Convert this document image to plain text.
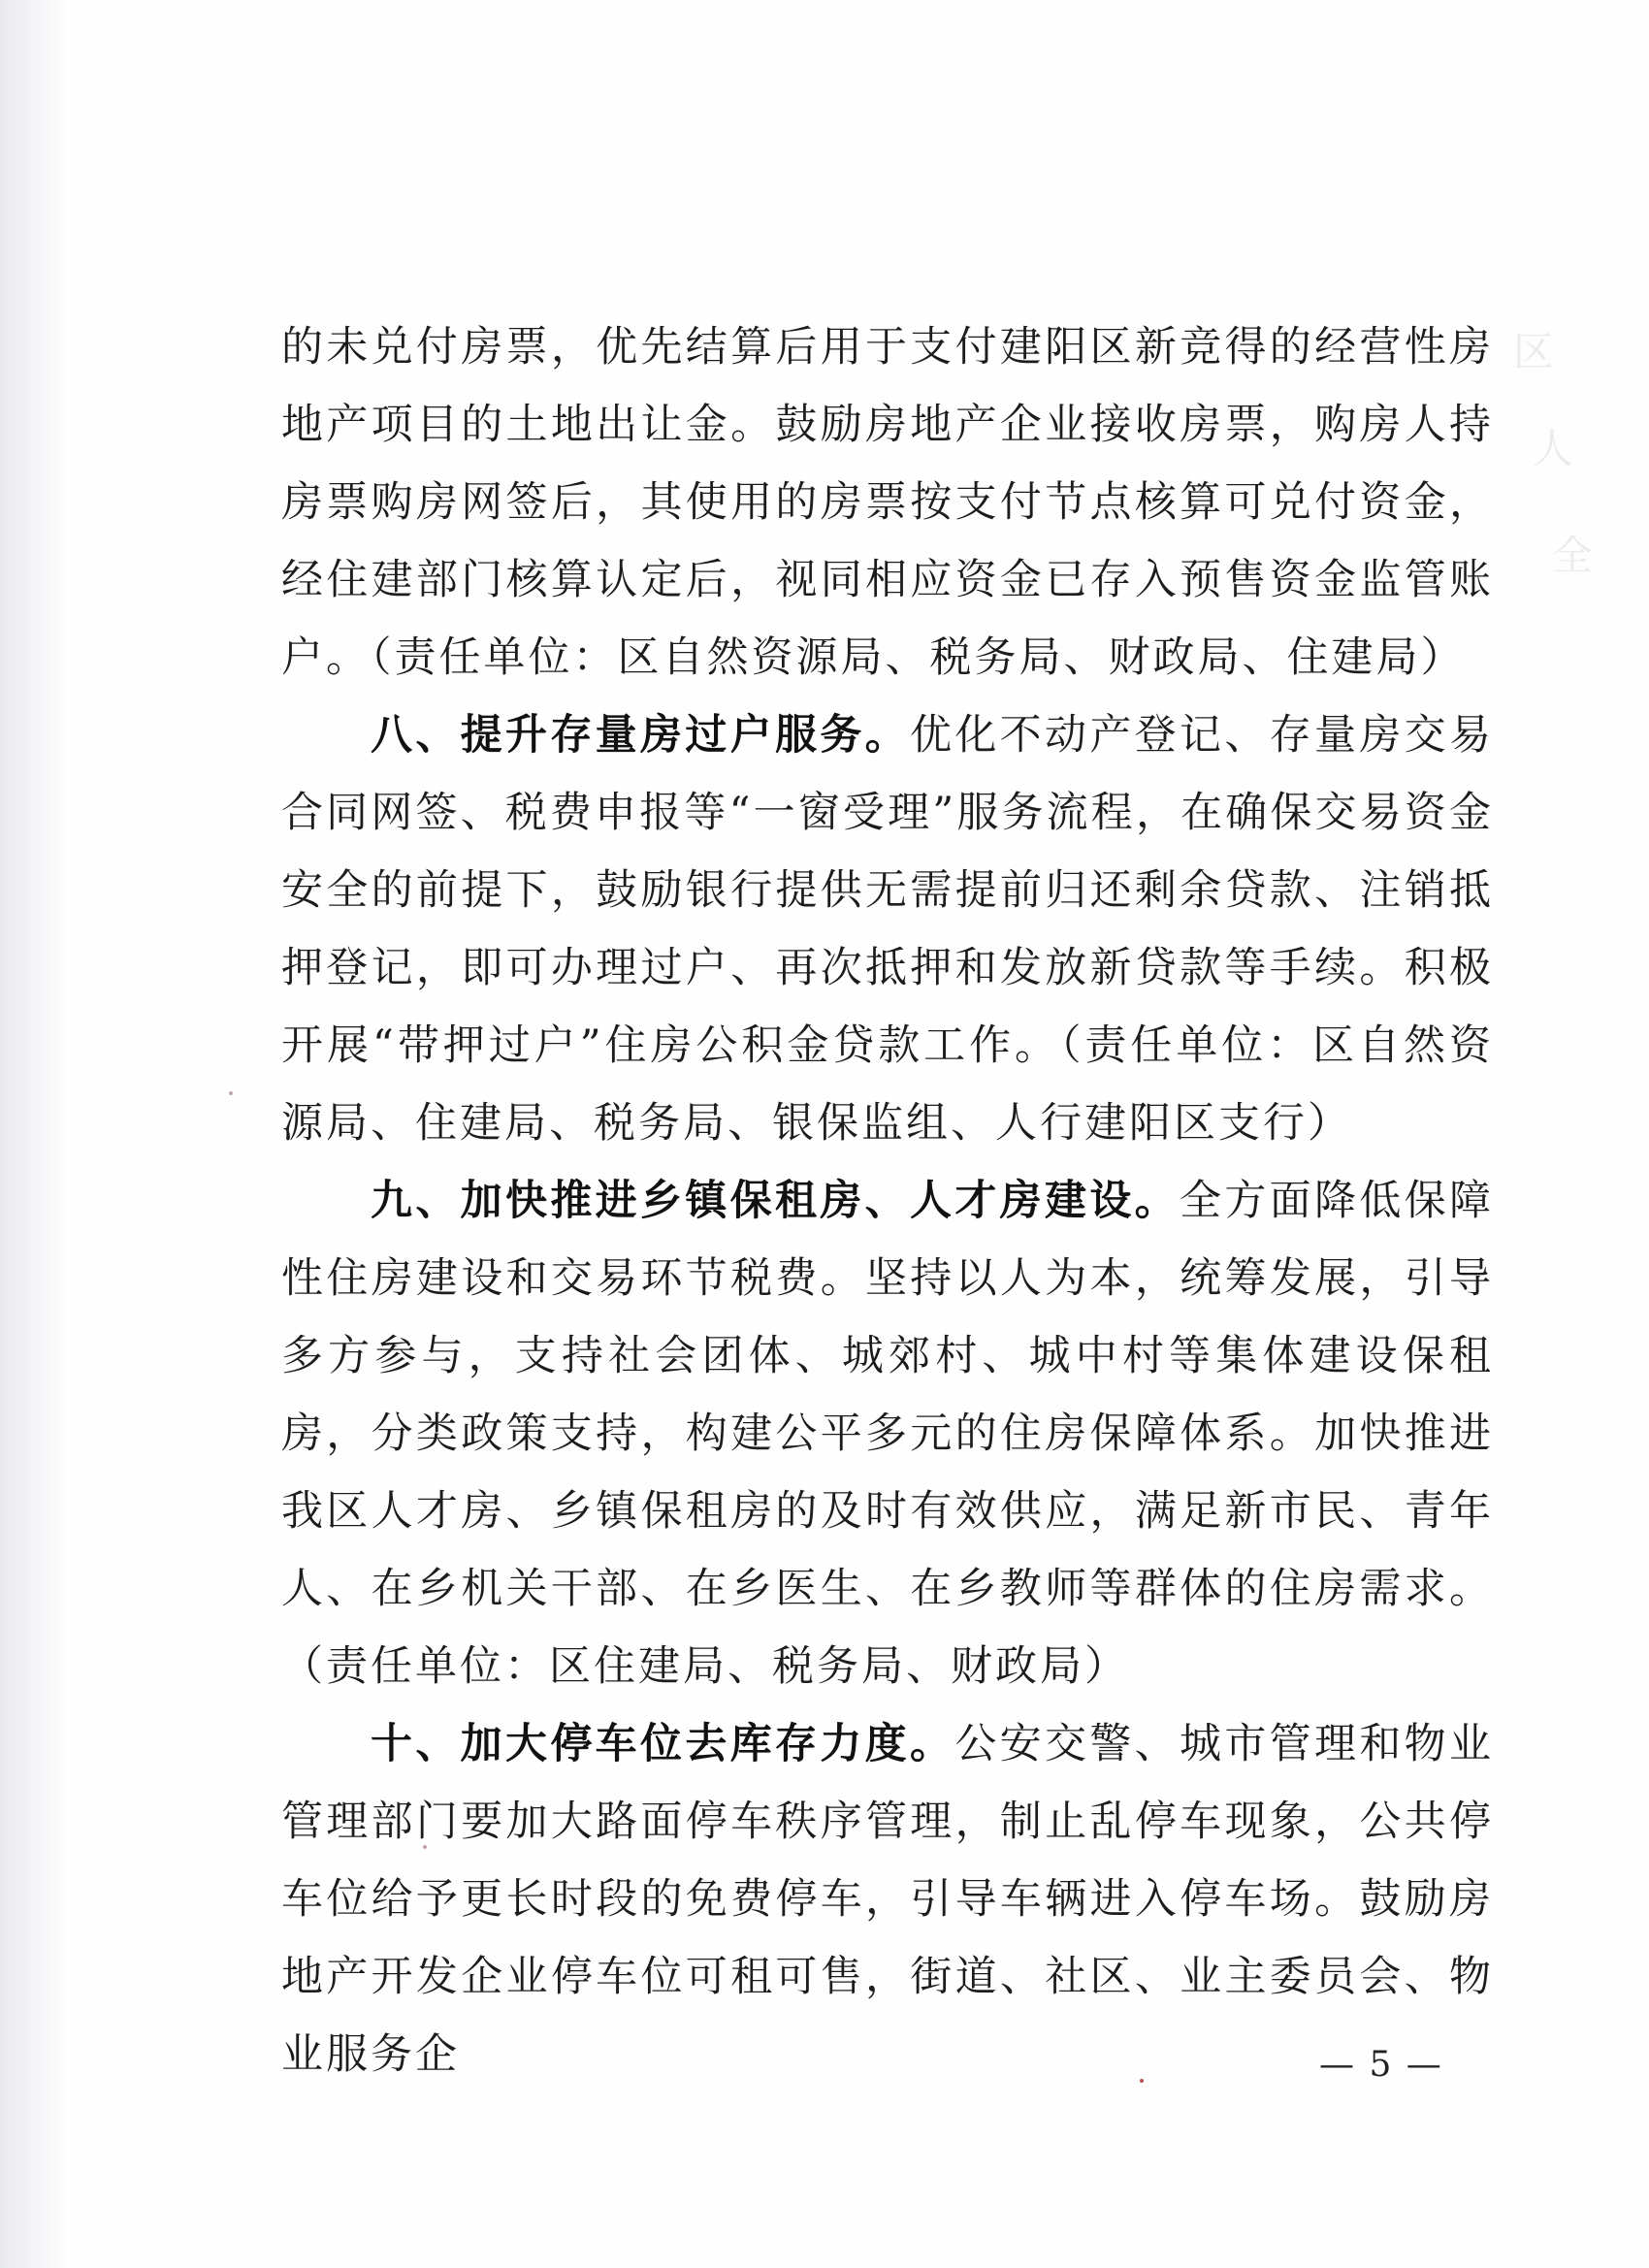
区
人
全

的未兑付房票，优先结算后用于支付建阳区新竞得的经营性房地产项目的土地出让金。鼓励房地产企业接收房票，购房人持房票购房网签后，其使用的房票按支付节点核算可兑付资金，经住建部门核算认定后，视同相应资金已存入预售资金监管账户。（责任单位：区自然资源局、税务局、财政局、住建局）

八、提升存量房过户服务。优化不动产登记、存量房交易合同网签、税费申报等“一窗受理”服务流程，在确保交易资金安全的前提下，鼓励银行提供无需提前归还剩余贷款、注销抵押登记，即可办理过户、再次抵押和发放新贷款等手续。积极开展“带押过户”住房公积金贷款工作。（责任单位：区自然资源局、住建局、税务局、银保监组、人行建阳区支行）

九、加快推进乡镇保租房、人才房建设。全方面降低保障性住房建设和交易环节税费。坚持以人为本，统筹发展，引导多方参与，支持社会团体、城郊村、城中村等集体建设保租房，分类政策支持，构建公平多元的住房保障体系。加快推进我区人才房、乡镇保租房的及时有效供应，满足新市民、青年人、在乡机关干部、在乡医生、在乡教师等群体的住房需求。（责任单位：区住建局、税务局、财政局）

十、加大停车位去库存力度。公安交警、城市管理和物业管理部门要加大路面停车秩序管理，制止乱停车现象，公共停车位给予更长时段的免费停车，引导车辆进入停车场。鼓励房地产开发企业停车位可租可售，街道、社区、业主委员会、物业服务企	— 5 —
